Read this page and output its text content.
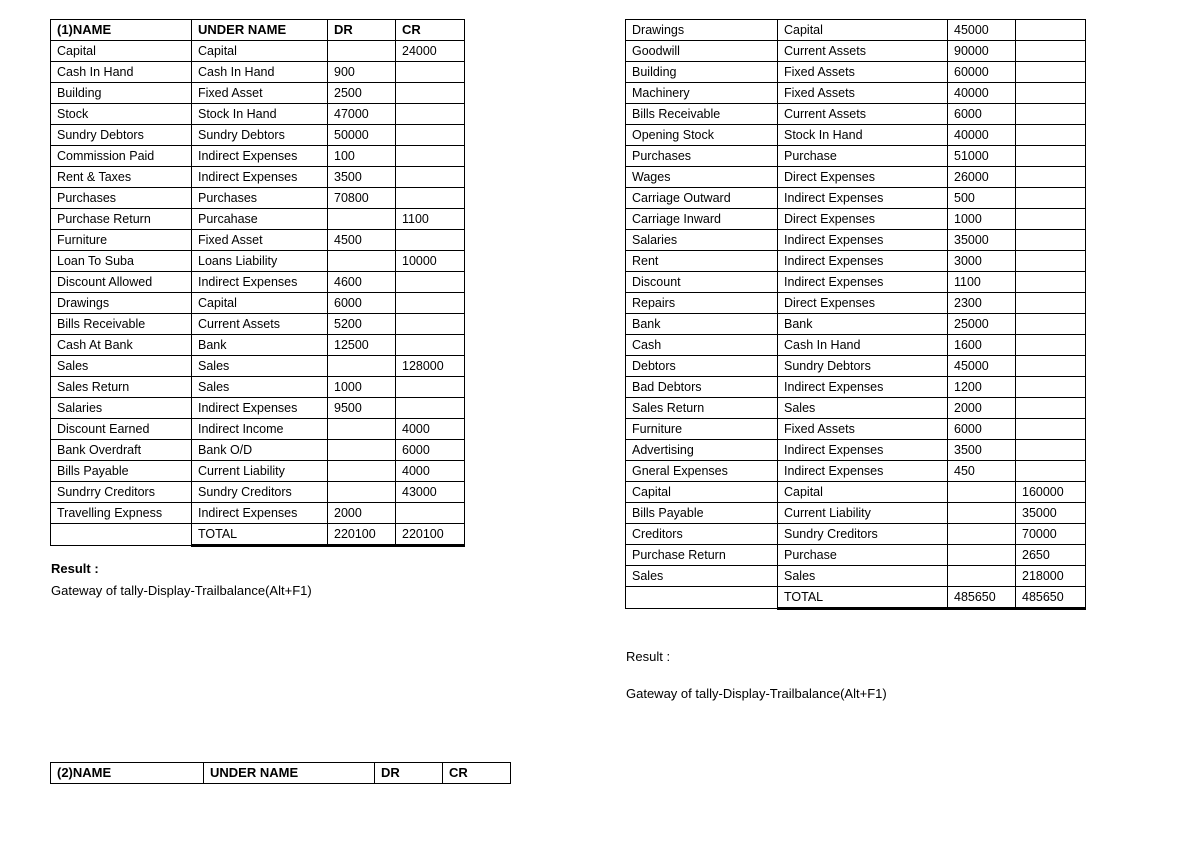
(1)NAME	UNDER NAME	DR	CR
Capital	Capital		24000
Cash In Hand	Cash In Hand	900	
Building	Fixed Asset	2500	
Stock	Stock In Hand	47000	
Sundry Debtors	Sundry Debtors	50000	
Commission Paid	Indirect Expenses	100	
Rent & Taxes	Indirect Expenses	3500	
Purchases	Purchases	70800	
Purchase Return	Purcahase		1100
Furniture	Fixed Asset	4500	
Loan To Suba	Loans Liability		10000
Discount Allowed	Indirect Expenses	4600	
Drawings	Capital	6000	
Bills Receivable	Current Assets	5200	
Cash At Bank	Bank	12500	
Sales	Sales		128000
Sales Return	Sales	1000	
Salaries	Indirect Expenses	9500	
Discount Earned	Indirect Income		4000
Bank Overdraft	Bank O/D		6000
Bills Payable	Current Liability		4000
Sundrry Creditors	Sundry Creditors		43000
Travelling Expness	Indirect Expenses	2000	
	TOTAL	220100	220100
Result :
Gateway of tally-Display-Trailbalance(Alt+F1)
Drawings	Capital	45000	
Goodwill	Current Assets	90000	
Building	Fixed Assets	60000	
Machinery	Fixed Assets	40000	
Bills Receivable	Current Assets	6000	
Opening Stock	Stock In Hand	40000	
Purchases	Purchase	51000	
Wages	Direct Expenses	26000	
Carriage Outward	Indirect Expenses	500	
Carriage Inward	Direct Expenses	1000	
Salaries	Indirect Expenses	35000	
Rent	Indirect Expenses	3000	
Discount	Indirect Expenses	1100	
Repairs	Direct Expenses	2300	
Bank	Bank	25000	
Cash	Cash In Hand	1600	
Debtors	Sundry Debtors	45000	
Bad Debtors	Indirect Expenses	1200	
Sales Return	Sales	2000	
Furniture	Fixed Assets	6000	
Advertising	Indirect Expenses	3500	
Gneral Expenses	Indirect Expenses	450	
Capital	Capital		160000
Bills Payable	Current Liability		35000
Creditors	Sundry Creditors		70000
Purchase Return	Purchase		2650
Sales	Sales		218000
	TOTAL	485650	485650
Result :
Gateway of tally-Display-Trailbalance(Alt+F1)
(2)NAME	UNDER NAME	DR	CR
